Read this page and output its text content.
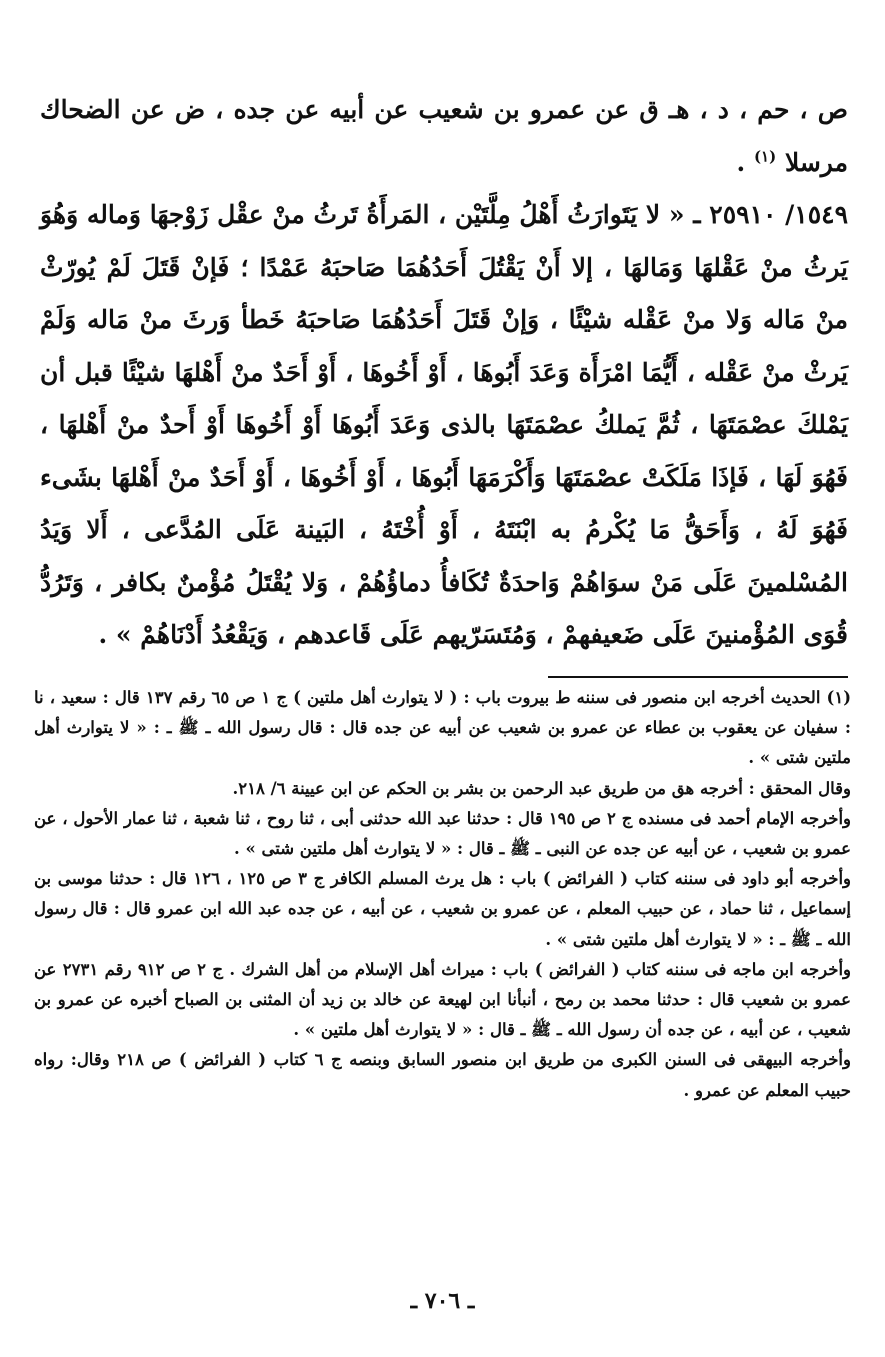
ص ، حم ، د ، هـ ق عن عمرو بن شعيب عن أبيه عن جده ، ض عن الضحاك مرسلا $^{(١)}$ .

١٥٤٩/ ٢٥٩١٠ ـ « لا يَتَوارَثُ أَهْلُ مِلَّتَيْن ، المَرأَةُ تَرثُ منْ عقْل زَوْجهَا وَماله وَهُوَ يَرثُ منْ عَقْلهَا وَمَالهَا ، إلا أَنْ يَقْتُلَ أَحَدُهُمَا صَاحبَهُ عَمْدًا ؛ فَإنْ قَتَلَ لَمْ يُورّثْ منْ مَاله وَلا منْ عَقْله شيْئًا ، وَإنْ قَتَلَ أَحَدُهُمَا صَاحبَهُ خَطأ وَرثَ منْ مَاله وَلَمْ يَرثْ منْ عَقْله ، أَيُّمَا امْرَأَة وَعَدَ أَبُوهَا ، أَوْ أَخُوهَا ، أَوْ أَحَدٌ منْ أَهْلهَا شيْئًا قبل أن يَمْلكَ عصْمَتَهَا ، ثُمَّ يَملكُ عصْمَتَهَا بالذى وَعَدَ أَبُوهَا أَوْ أَخُوهَا أَوْ أَحدٌ منْ أَهْلهَا ، فَهُوَ لَهَا ، فَإذَا مَلَكَتْ عصْمَتَهَا وَأَكْرَمَهَا أَبُوهَا ، أَوْ أَخُوهَا ، أَوْ أَحَدٌ منْ أَهْلهَا بشَىء فَهُوَ لَهُ ، وَأَحَقُّ مَا يُكْرمُ به ابْنَتَهُ ، أَوْ أُخْتَهُ ، البَينة عَلَى المُدَّعى ، أَلا وَيَدُ المُسْلمينَ عَلَى مَنْ سوَاهُمْ وَاحدَةٌ تُكَافأُ دماؤُهُمْ ، وَلا يُقْتَلُ مُؤْمنٌ بكافر ، وَتَرُدُّ قُوَى المُؤْمنينَ عَلَى ضَعيفهمْ ، وَمُتَسَرّيهم عَلَى قَاعدهم ، وَيَقْعُدُ أَدْنَاهُمْ » .

(١) الحديث أخرجه ابن منصور فى سننه ط بيروت باب : ( لا يتوارث أهل ملتين ) ج ١ ص ٦٥ رقم ١٣٧ قال : سعيد ، نا : سفيان عن يعقوب بن عطاء عن عمرو بن شعيب عن أبيه عن جده قال : قال رسول الله ـ ﷺ ـ : « لا يتوارث أهل ملتين شتى » .

وقال المحقق : أخرجه هق من طريق عبد الرحمن بن بشر بن الحكم عن ابن عيينة ٦/ ٢١٨.

وأخرجه الإمام أحمد فى مسنده ج ٢ ص ١٩٥ قال : حدثنا عبد الله حدثنى أبى ، ثنا روح ، ثنا شعبة ، ثنا عمار الأحول ، عن عمرو بن شعيب ، عن أبيه عن جده عن النبى ـ ﷺ ـ قال : « لا يتوارث أهل ملتين شتى » .

وأخرجه أبو داود فى سننه كتاب ( الفرائض ) باب : هل يرث المسلم الكافر ج ٣ ص ١٢٥ ، ١٢٦ قال : حدثنا موسى بن إسماعيل ، ثنا حماد ، عن حبيب المعلم ، عن عمرو بن شعيب ، عن أبيه ، عن جده عبد الله ابن عمرو قال : قال رسول الله ـ ﷺ ـ : « لا يتوارث أهل ملتين شتى » .

وأخرجه ابن ماجه فى سننه كتاب ( الفرائض ) باب : ميراث أهل الإسلام من أهل الشرك . ج ٢ ص ٩١٢ رقم ٢٧٣١ عن عمرو بن شعيب قال : حدثنا محمد بن رمح ، أنبأنا ابن لهيعة عن خالد بن زيد أن المثنى بن الصباح أخبره عن عمرو بن شعيب ، عن أبيه ، عن جده أن رسول الله ـ ﷺ ـ قال : « لا يتوارث أهل ملتين » .

وأخرجه البيهقى فى السنن الكبرى من طريق ابن منصور السابق وبنصه ج ٦ كتاب ( الفرائض ) ص ٢١٨ وقال: رواه حبيب المعلم عن عمرو .

ـ ٧٠٦ ـ
